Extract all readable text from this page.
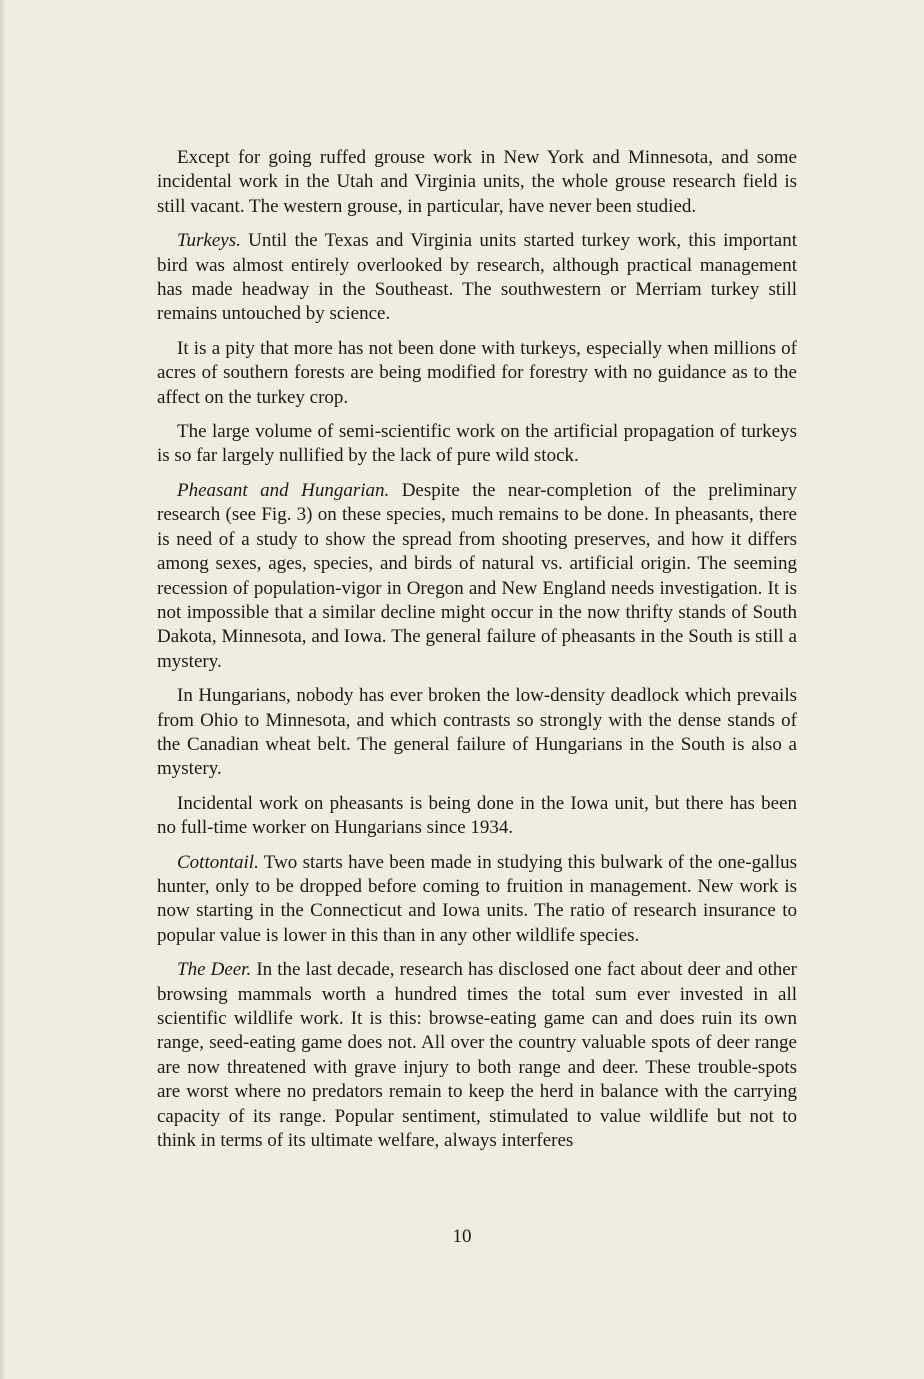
Except for going ruffed grouse work in New York and Minnesota, and some incidental work in the Utah and Virginia units, the whole grouse research field is still vacant. The western grouse, in particular, have never been studied.

Turkeys. Until the Texas and Virginia units started turkey work, this important bird was almost entirely overlooked by research, although practical management has made headway in the Southeast. The southwestern or Merriam turkey still remains untouched by science.

It is a pity that more has not been done with turkeys, especially when millions of acres of southern forests are being modified for forestry with no guidance as to the affect on the turkey crop.

The large volume of semi-scientific work on the artificial propagation of turkeys is so far largely nullified by the lack of pure wild stock.

Pheasant and Hungarian. Despite the near-completion of the preliminary research (see Fig. 3) on these species, much remains to be done. In pheasants, there is need of a study to show the spread from shooting preserves, and how it differs among sexes, ages, species, and birds of natural vs. artificial origin. The seeming recession of population-vigor in Oregon and New England needs investigation. It is not impossible that a similar decline might occur in the now thrifty stands of South Dakota, Minnesota, and Iowa. The general failure of pheasants in the South is still a mystery.

In Hungarians, nobody has ever broken the low-density deadlock which prevails from Ohio to Minnesota, and which contrasts so strongly with the dense stands of the Canadian wheat belt. The general failure of Hungarians in the South is also a mystery.

Incidental work on pheasants is being done in the Iowa unit, but there has been no full-time worker on Hungarians since 1934.

Cottontail. Two starts have been made in studying this bulwark of the one-gallus hunter, only to be dropped before coming to fruition in management. New work is now starting in the Connecticut and Iowa units. The ratio of research insurance to popular value is lower in this than in any other wildlife species.

The Deer. In the last decade, research has disclosed one fact about deer and other browsing mammals worth a hundred times the total sum ever invested in all scientific wildlife work. It is this: browse-eating game can and does ruin its own range, seed-eating game does not. All over the country valuable spots of deer range are now threatened with grave injury to both range and deer. These trouble-spots are worst where no predators remain to keep the herd in balance with the carrying capacity of its range. Popular sentiment, stimulated to value wildlife but not to think in terms of its ultimate welfare, always interferes

10
